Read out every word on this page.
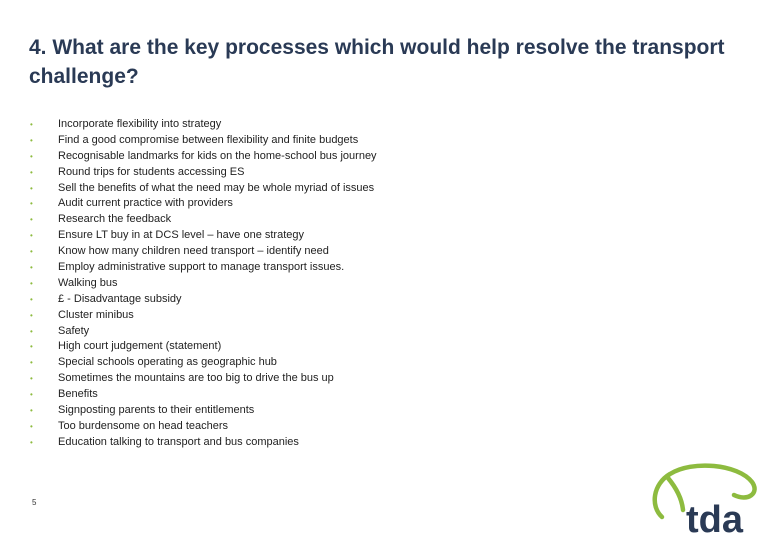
4. What are the key processes which would help resolve the transport challenge?
•	Incorporate flexibility into strategy
•	Find a good compromise between flexibility and finite budgets
•	Recognisable landmarks for kids on the home-school bus journey
•	Round trips for students accessing ES
•	Sell the benefits of what the need may be whole myriad of issues
•	Audit current practice with providers
•	Research the feedback
•	Ensure LT buy in at DCS level – have one strategy
•	Know how many children need transport – identify need
•	Employ administrative support to manage transport issues.
•	Walking bus
•	£ - Disadvantage subsidy
•	Cluster minibus
•	Safety
•	High court judgement (statement)
•	Special schools operating as geographic hub
•	Sometimes the mountains are too big to drive the bus up
•	Benefits
•	Signposting parents to their entitlements
•	Too burdensome on head teachers
•	Education talking to transport and bus companies
5	tda
